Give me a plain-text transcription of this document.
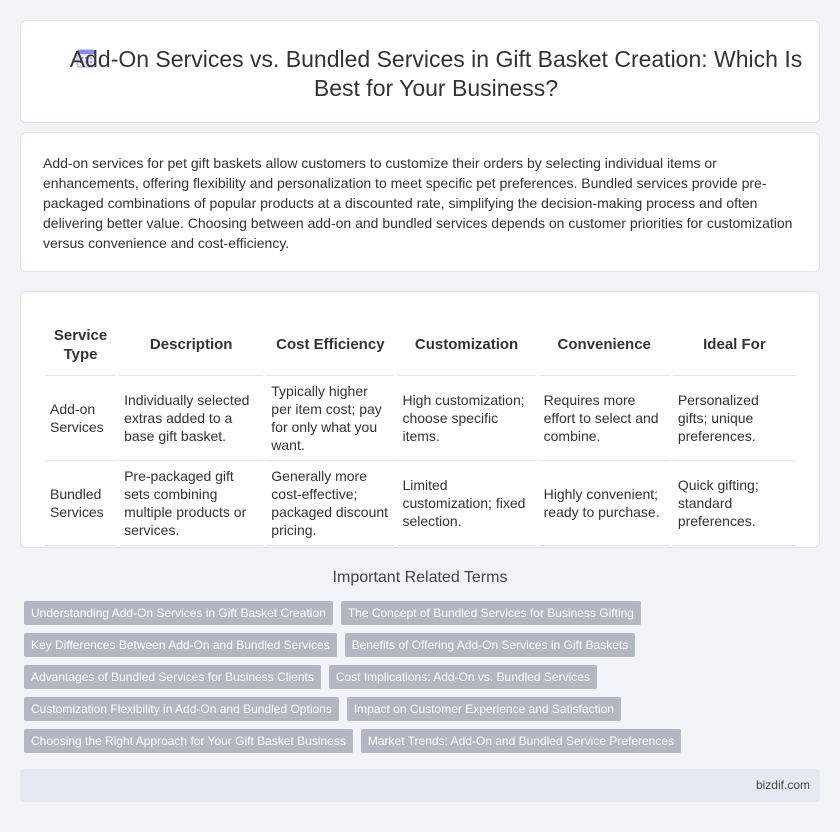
Add-On Services vs. Bundled Services in Gift Basket Creation: Which Is Best for Your Business?

Add-on services for pet gift baskets allow customers to customize their orders by selecting individual items or enhancements, offering flexibility and personalization to meet specific pet preferences. Bundled services provide pre-packaged combinations of popular products at a discounted rate, simplifying the decision-making process and often delivering better value. Choosing between add-on and bundled services depends on customer priorities for customization versus convenience and cost-efficiency.

Service Type	Description	Cost Efficiency	Customization	Convenience	Ideal For
Add-on Services	Individually selected extras added to a base gift basket.	Typically higher per item cost; pay for only what you want.	High customization; choose specific items.	Requires more effort to select and combine.	Personalized gifts; unique preferences.
Bundled Services	Pre-packaged gift sets combining multiple products or services.	Generally more cost-effective; packaged discount pricing.	Limited customization; fixed selection.	Highly convenient; ready to purchase.	Quick gifting; standard preferences.
Important Related Terms
Understanding Add-On Services in Gift Basket Creation	The Concept of Bundled Services for Business Gifting
Key Differences Between Add-On and Bundled Services	Benefits of Offering Add-On Services in Gift Baskets
Advantages of Bundled Services for Business Clients	Cost Implications: Add-On vs. Bundled Services
Customization Flexibility in Add-On and Bundled Options	Impact on Customer Experience and Satisfaction
Choosing the Right Approach for Your Gift Basket Business	Market Trends: Add-On and Bundled Service Preferences
bizdif.com
